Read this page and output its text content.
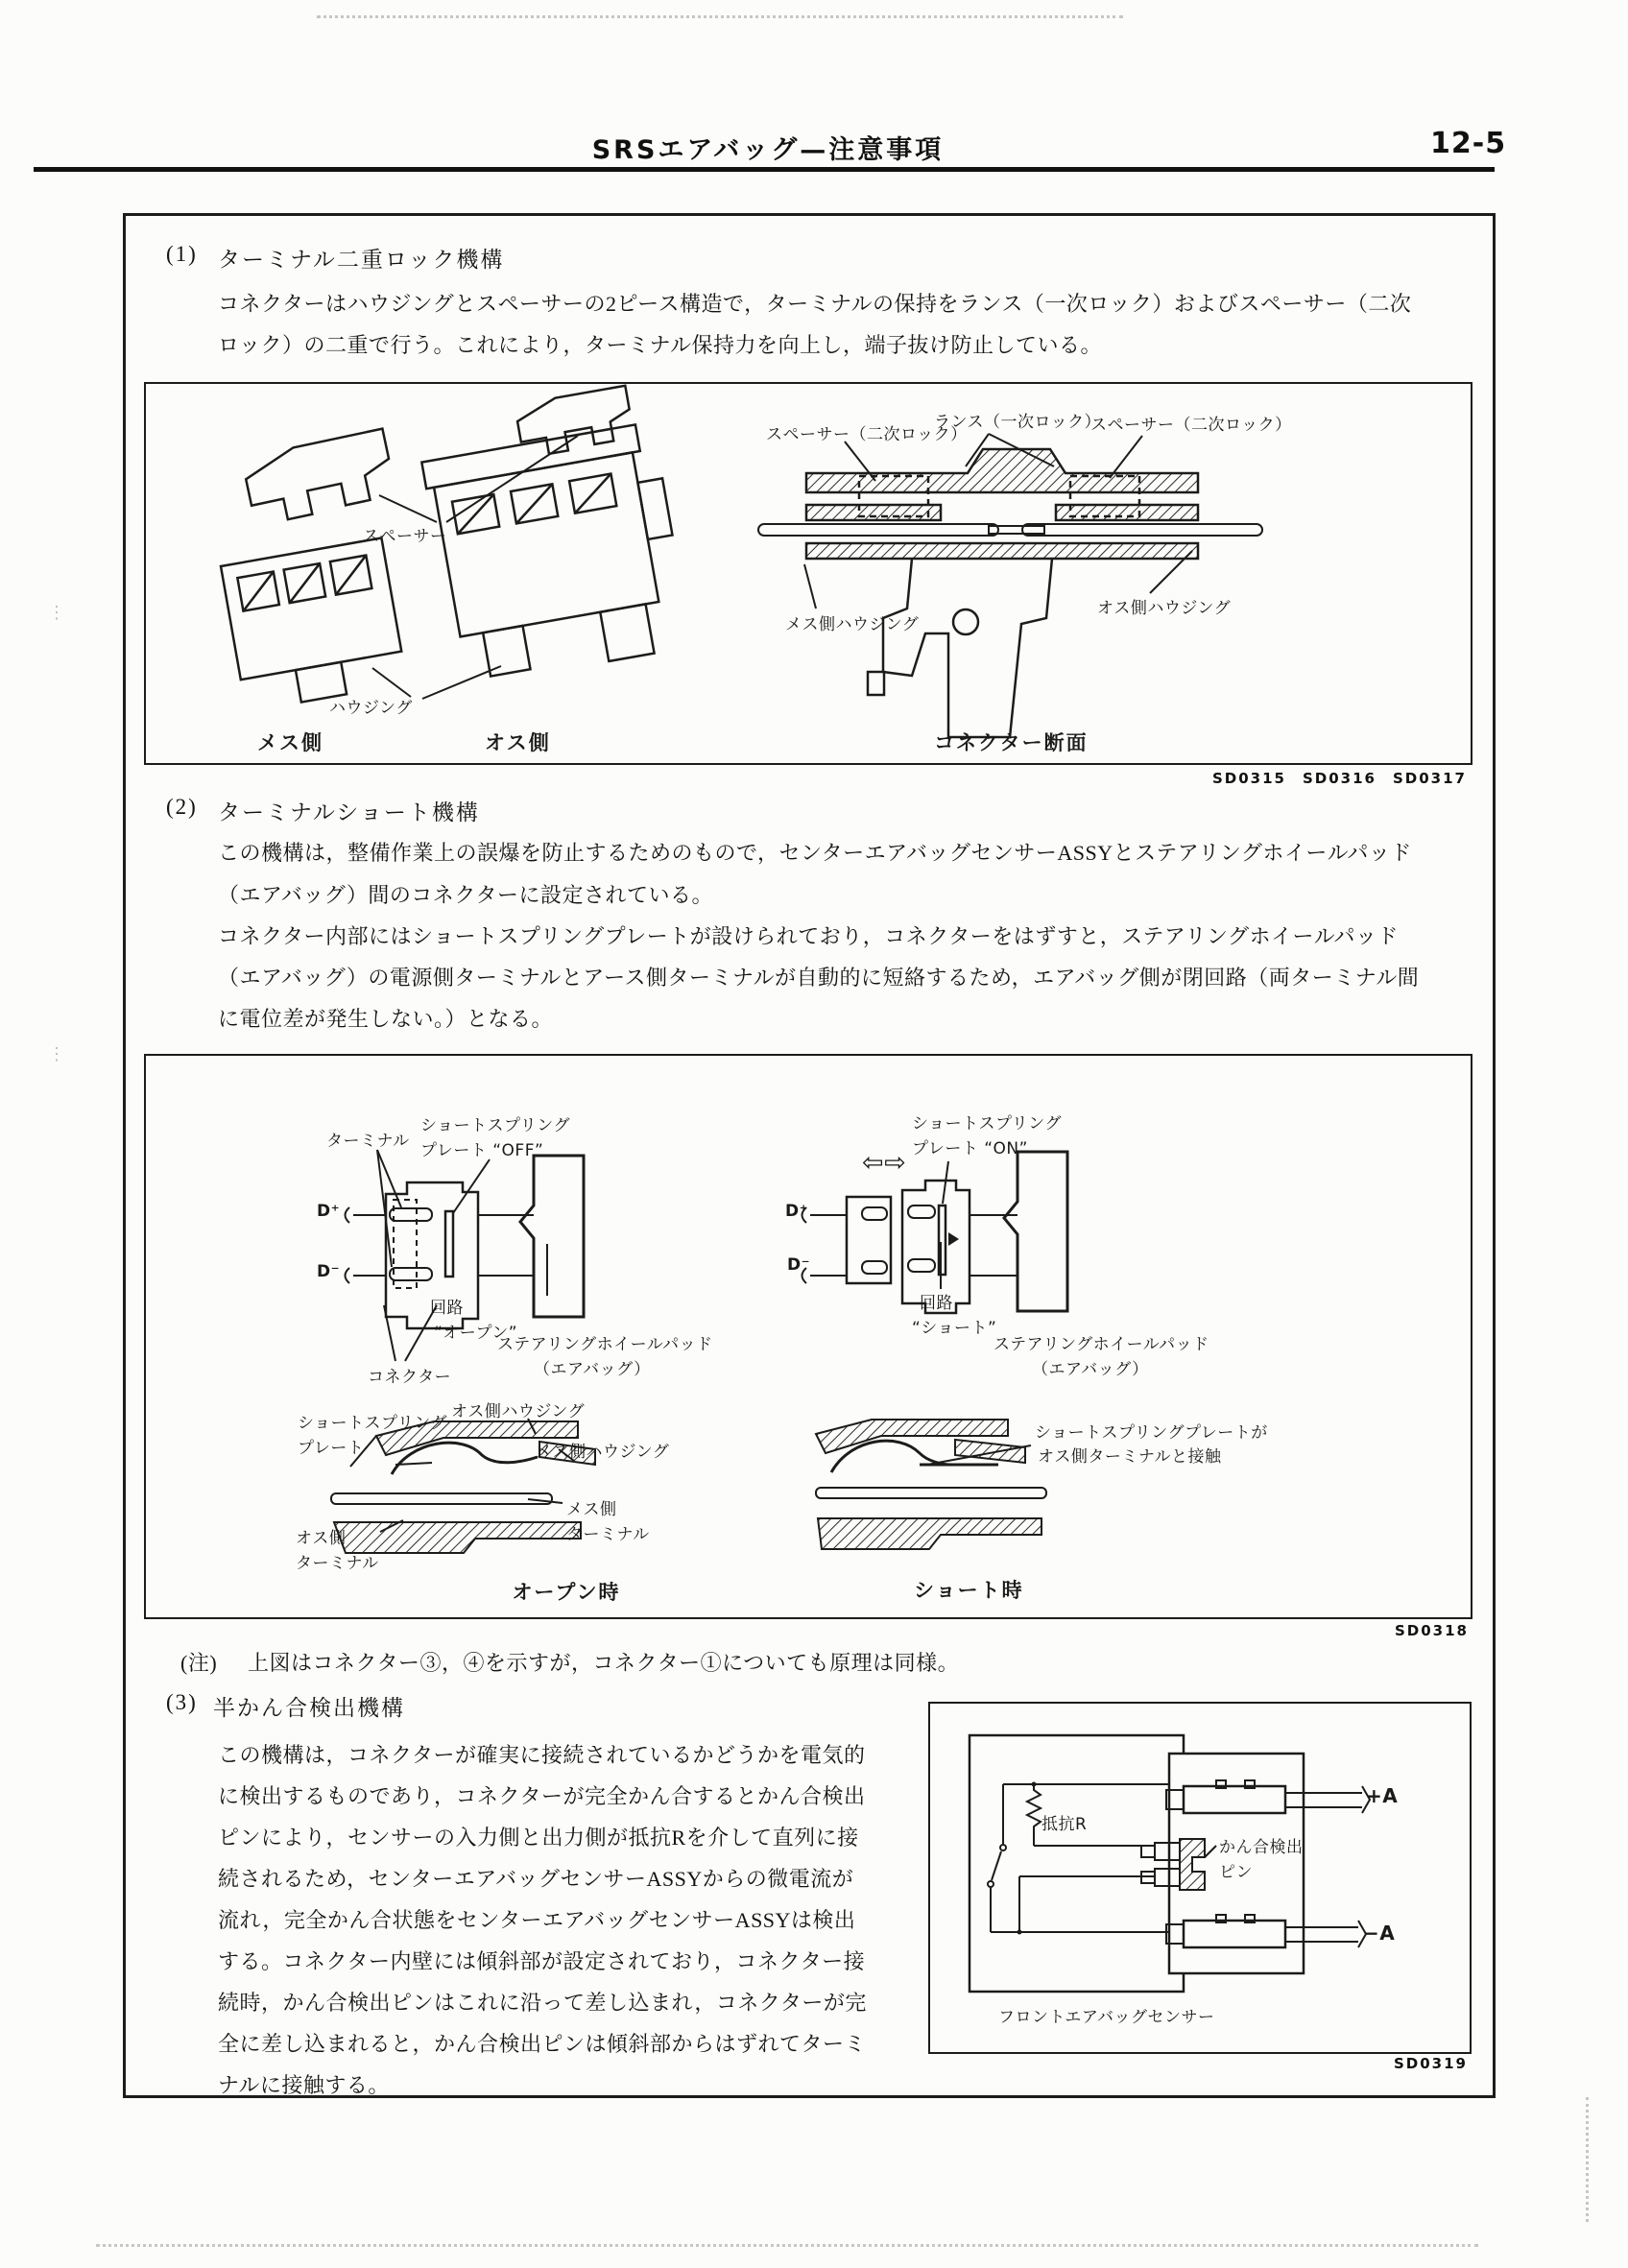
⋮
⋮
SRSエアバッグ—注意事項	12-5
(1) ターミナル二重ロック機構
コネクターはハウジングとスペーサーの2ピース構造で，ターミナルの保持をランス（一次ロック）およびスペーサー（二次
ロック）の二重で行う。これにより，ターミナル保持力を向上し，端子抜け防止している。
スペーサー
ハウジング
メス側	オス側
スペーサー（二次ロック）
ランス（一次ロック）
スペーサー（二次ロック）
メス側ハウジング
オス側ハウジング
コネクター断面
SD0315　SD0316　SD0317
(2) ターミナルショート機構
この機構は，整備作業上の誤爆を防止するためのもので，センターエアバッグセンサーASSYとステアリングホイールパッド
（エアバッグ）間のコネクターに設定されている。
コネクター内部にはショートスプリングプレートが設けられており，コネクターをはずすと，ステアリングホイールパッド
（エアバッグ）の電源側ターミナルとアース側ターミナルが自動的に短絡するため，エアバッグ側が閉回路（両ターミナル間
に電位差が発生しない。）となる。
ターミナル
ショートスプリング
プレート “OFF”
D⁺
D⁻
回路
“オープン”
コネクター
ステアリングホイールパッド
（エアバッグ）
ショートスプリング
プレート “ON”
⇦⇨
D⁺
D⁻
回路
“ショート”
ステアリングホイールパッド
（エアバッグ）
ショートスプリング
プレート
オス側ハウジング
メス側ハウジング
メス側
ターミナル
オス側
ターミナル
オープン時
ショートスプリングプレートが
オス側ターミナルと接触
ショート時
SD0318
(注) 上図はコネクター③，④を示すが，コネクター①についても原理は同様。
(3) 半かん合検出機構
この機構は，コネクターが確実に接続されているかどうかを電気的
に検出するものであり，コネクターが完全かん合するとかん合検出
ピンにより，センサーの入力側と出力側が抵抗Rを介して直列に接
続されるため，センターエアバッグセンサーASSYからの微電流が
流れ，完全かん合状態をセンターエアバッグセンサーASSYは検出
する。コネクター内壁には傾斜部が設定されており，コネクター接
続時，かん合検出ピンはこれに沿って差し込まれ，コネクターが完
全に差し込まれると，かん合検出ピンは傾斜部からはずれてターミ
ナルに接触する。
抵抗R
かん合検出
ピン
+A
−A
フロントエアバッグセンサー
SD0319
